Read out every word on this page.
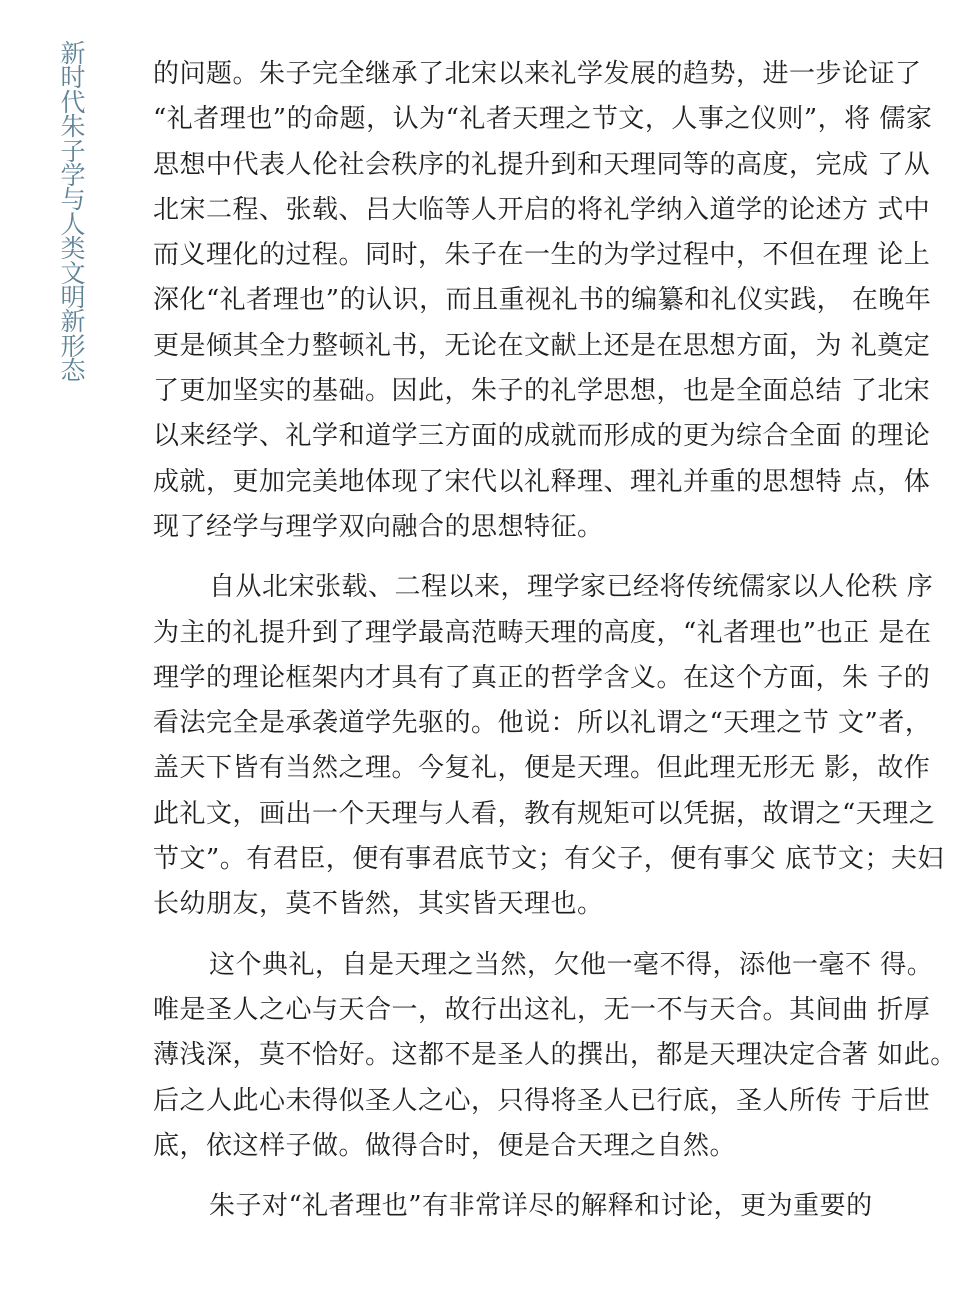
新
时
代
朱
子
学
与
人
类
文
明
新
形
态

的问题。朱子完全继承了北宋以来礼学发展的趋势，进一步论证了
“礼者理也”的命题，认为“礼者天理之节文，人事之仪则”，将 儒家
思想中代表人伦社会秩序的礼提升到和天理同等的高度，完成 了从
北宋二程、张载、吕大临等人开启的将礼学纳入道学的论述方 式中
而义理化的过程。同时，朱子在一生的为学过程中，不但在理 论上
深化“礼者理也”的认识，而且重视礼书的编纂和礼仪实践， 在晚年
更是倾其全力整顿礼书，无论在文献上还是在思想方面，为 礼奠定
了更加坚实的基础。因此，朱子的礼学思想，也是全面总结 了北宋
以来经学、礼学和道学三方面的成就而形成的更为综合全面 的理论
成就，更加完美地体现了宋代以礼释理、理礼并重的思想特 点，体
现了经学与理学双向融合的思想特征。

自从北宋张载、二程以来，理学家已经将传统儒家以人伦秩 序
为主的礼提升到了理学最高范畴天理的高度，“礼者理也”也正 是在
理学的理论框架内才具有了真正的哲学含义。在这个方面，朱 子的
看法完全是承袭道学先驱的。他说：所以礼谓之“天理之节 文”者，
盖天下皆有当然之理。今复礼，便是天理。但此理无形无 影，故作
此礼文，画出一个天理与人看，教有规矩可以凭据，故谓之“天理之
节文”。有君臣，便有事君底节文；有父子，便有事父 底节文；夫妇
长幼朋友，莫不皆然，其实皆天理也。

这个典礼，自是天理之当然，欠他一毫不得，添他一毫不 得。
唯是圣人之心与天合一，故行出这礼，无一不与天合。其间曲 折厚
薄浅深，莫不恰好。这都不是圣人的撰出，都是天理决定合著 如此。
后之人此心未得似圣人之心，只得将圣人已行底，圣人所传 于后世
底，依这样子做。做得合时，便是合天理之自然。

朱子对“礼者理也”有非常详尽的解释和讨论，更为重要的
